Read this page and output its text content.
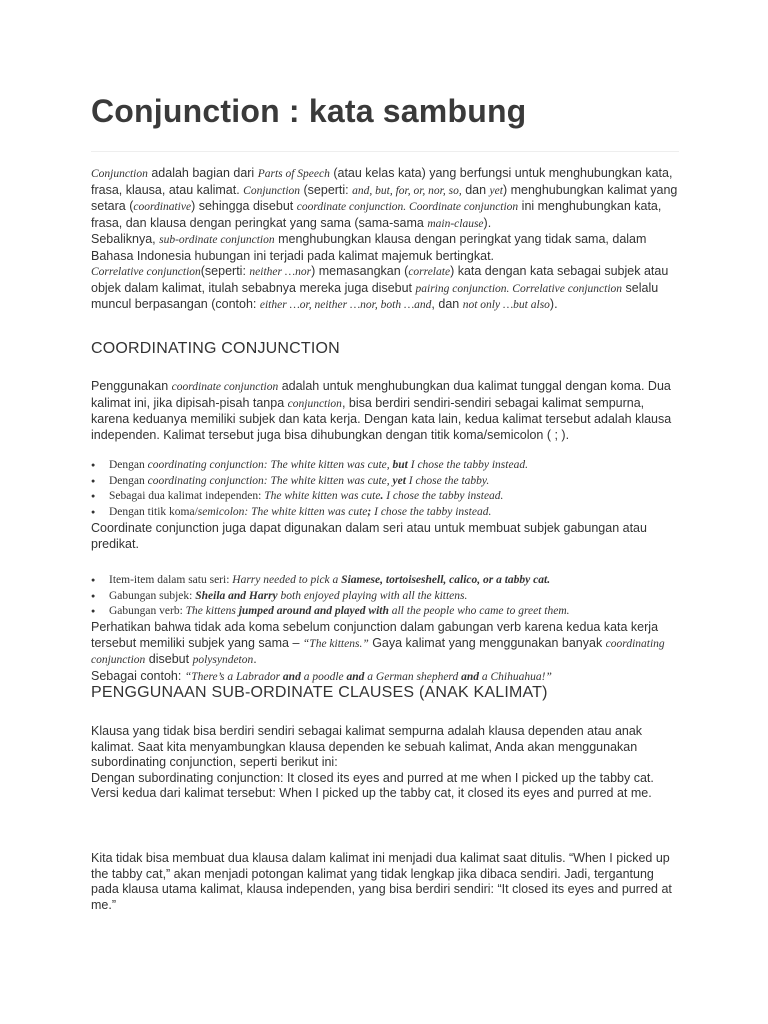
Conjunction : kata sambung

Conjunction adalah bagian dari Parts of Speech (atau kelas kata) yang berfungsi untuk menghubungkan kata, frasa, klausa, atau kalimat. Conjunction (seperti: and, but, for, or, nor, so, dan yet) menghubungkan kalimat yang setara (coordinative) sehingga disebut coordinate conjunction. Coordinate conjunction ini menghubungkan kata, frasa, dan klausa dengan peringkat yang sama (sama-sama main-clause).

Sebaliknya, sub-ordinate conjunction menghubungkan klausa dengan peringkat yang tidak sama, dalam Bahasa Indonesia hubungan ini terjadi pada kalimat majemuk bertingkat.

Correlative conjunction(seperti: neither …nor) memasangkan (correlate) kata dengan kata sebagai subjek atau objek dalam kalimat, itulah sebabnya mereka juga disebut pairing conjunction. Correlative conjunction selalu muncul berpasangan (contoh: either …or, neither …nor, both …and, dan not only …but also).

COORDINATING CONJUNCTION

Penggunakan coordinate conjunction adalah untuk menghubungkan dua kalimat tunggal dengan koma. Dua kalimat ini, jika dipisah-pisah tanpa conjunction, bisa berdiri sendiri-sendiri sebagai kalimat sempurna, karena keduanya memiliki subjek dan kata kerja. Dengan kata lain, kedua kalimat tersebut adalah klausa independen. Kalimat tersebut juga bisa dihubungkan dengan titik koma/semicolon ( ; ).

● Dengan coordinating conjunction: The white kitten was cute, but I chose the tabby instead.
● Dengan coordinating conjunction: The white kitten was cute, yet I chose the tabby.
● Sebagai dua kalimat independen: The white kitten was cute. I chose the tabby instead.
● Dengan titik koma/semicolon: The white kitten was cute; I chose the tabby instead.
Coordinate conjunction juga dapat digunakan dalam seri atau untuk membuat subjek gabungan atau predikat.
● Item-item dalam satu seri: Harry needed to pick a Siamese, tortoiseshell, calico, or a tabby cat.
● Gabungan subjek: Sheila and Harry both enjoyed playing with all the kittens.
● Gabungan verb: The kittens jumped around and played with all the people who came to greet them.

Perhatikan bahwa tidak ada koma sebelum conjunction dalam gabungan verb karena kedua kata kerja tersebut memiliki subjek yang sama – “The kittens.” Gaya kalimat yang menggunakan banyak coordinating conjunction disebut polysyndeton.

Sebagai contoh: “There’s a Labrador and a poodle and a German shepherd and a Chihuahua!”

PENGGUNAAN SUB-ORDINATE CLAUSES (ANAK KALIMAT)

Klausa yang tidak bisa berdiri sendiri sebagai kalimat sempurna adalah klausa dependen atau anak kalimat. Saat kita menyambungkan klausa dependen ke sebuah kalimat, Anda akan menggunakan subordinating conjunction, seperti berikut ini:

Dengan subordinating conjunction: It closed its eyes and purred at me when I picked up the tabby cat.

Versi kedua dari kalimat tersebut: When I picked up the tabby cat, it closed its eyes and purred at me.

Kita tidak bisa membuat dua klausa dalam kalimat ini menjadi dua kalimat saat ditulis. “When I picked up the tabby cat,” akan menjadi potongan kalimat yang tidak lengkap jika dibaca sendiri. Jadi, tergantung pada klausa utama kalimat, klausa independen, yang bisa berdiri sendiri: “It closed its eyes and purred at me.”
